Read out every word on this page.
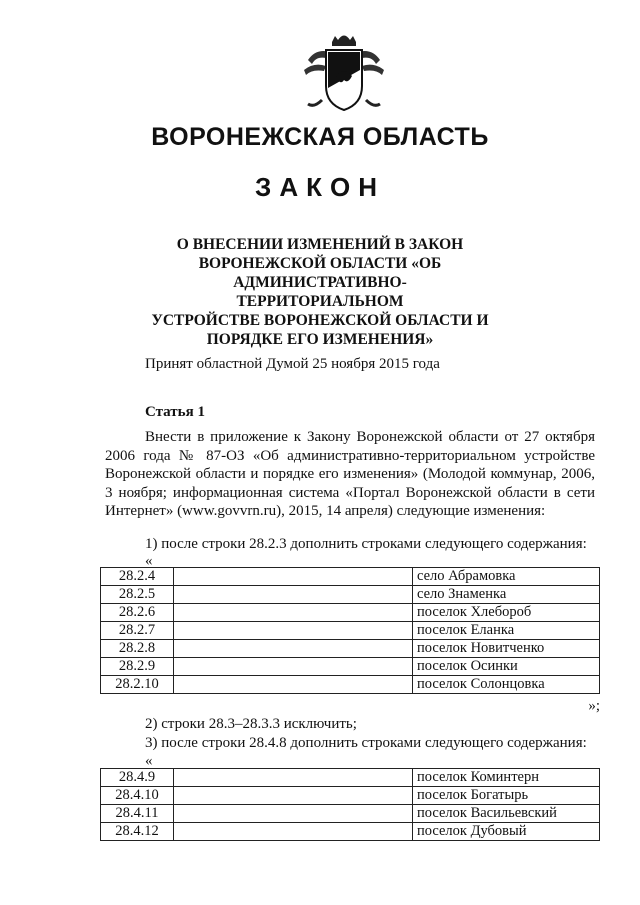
ВОРОНЕЖСКАЯ ОБЛАСТЬ
ЗАКОН
О ВНЕСЕНИИ ИЗМЕНЕНИЙ В ЗАКОН
ВОРОНЕЖСКОЙ ОБЛАСТИ «ОБ
АДМИНИСТРАТИВНО-ТЕРРИТОРИАЛЬНОМ
УСТРОЙСТВЕ ВОРОНЕЖСКОЙ ОБЛАСТИ И
ПОРЯДКЕ ЕГО ИЗМЕНЕНИЯ»
Принят областной Думой 25 ноября 2015 года
Статья 1

Внести в приложение к Закону Воронежской области от 27 октября 2006 года № 87-ОЗ «Об административно-территориальном устройстве Воронежской области и порядке его изменения» (Молодой коммунар, 2006, 3 ноября; информационная система «Портал Воронежской области в сети Интернет» (www.govvrn.ru), 2015, 14 апреля) следующие изменения:

1) после строки 28.2.3 дополнить строками следующего содержания:
«
28.2.4		село Абрамовка
28.2.5		село Знаменка
28.2.6		поселок Хлебороб
28.2.7		поселок Еланка
28.2.8		поселок Новитченко
28.2.9		поселок Осинки
28.2.10		поселок Солонцовка
»;
2) строки 28.3–28.3.3 исключить;
3) после строки 28.4.8 дополнить строками следующего содержания:
«
28.4.9		поселок Коминтерн
28.4.10		поселок Богатырь
28.4.11		поселок Васильевский
28.4.12		поселок Дубовый
